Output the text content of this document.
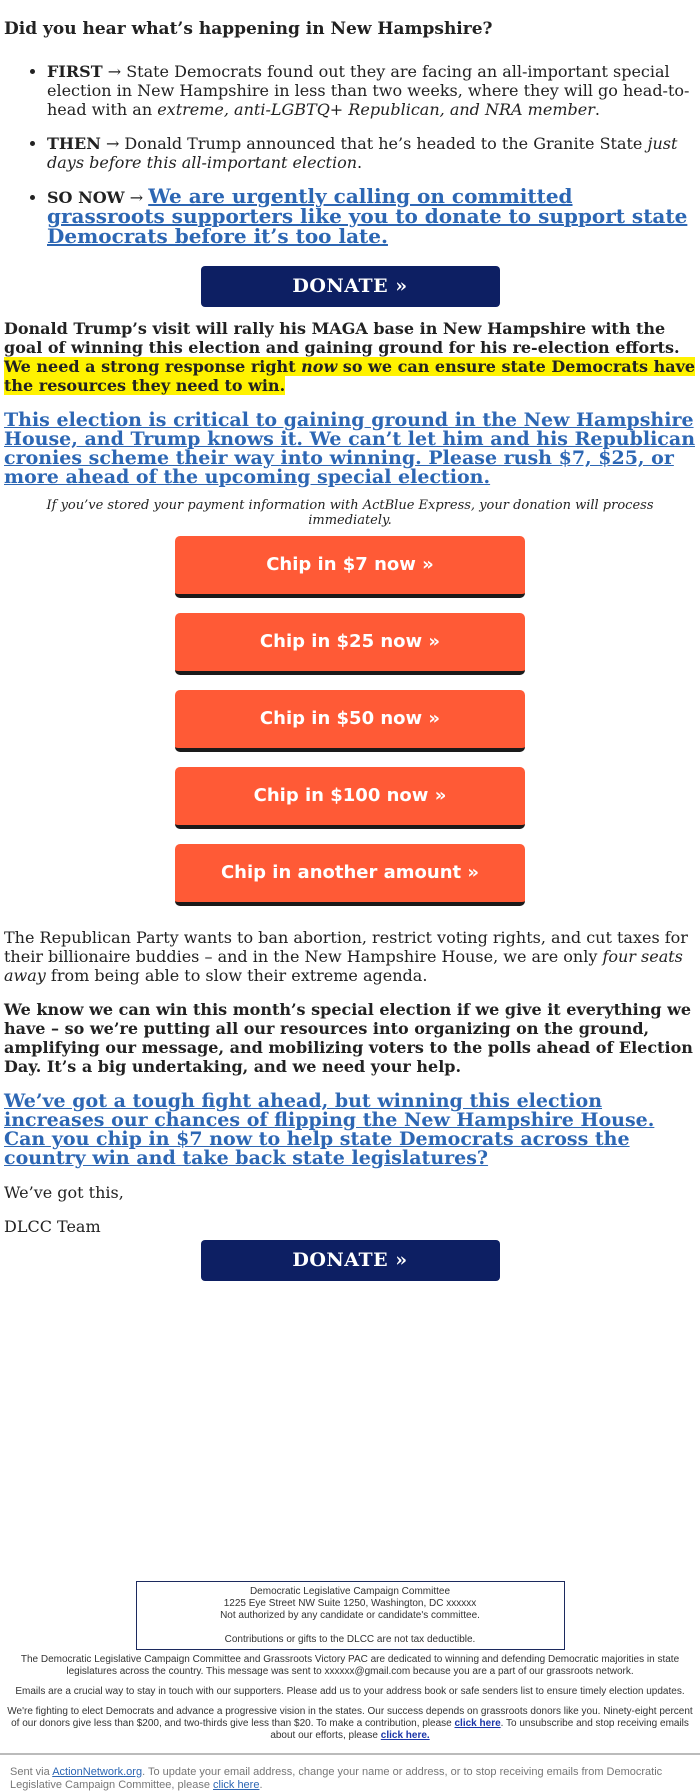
Did you hear what’s happening in New Hampshire?

• FIRST → State Democrats found out they are facing an all-important special election in New Hampshire in less than two weeks, where they will go head-to-head with an extreme, anti-LGBTQ+ Republican, and NRA member.
• THEN → Donald Trump announced that he’s headed to the Granite State just days before this all-important election.
• SO NOW → We are urgently calling on committed grassroots supporters like you to donate to support state Democrats before it’s too late.
DONATE »

Donald Trump’s visit will rally his MAGA base in New Hampshire with the goal of winning this election and gaining ground for his re-election efforts. We need a strong response right now so we can ensure state Democrats have the resources they need to win.

This election is critical to gaining ground in the New Hampshire House, and Trump knows it. We can’t let him and his Republican cronies scheme their way into winning. Please rush $7, $25, or more ahead of the upcoming special election.

If you’ve stored your payment information with ActBlue Express, your donation will process immediately.

Chip in $7 now »
Chip in $25 now »
Chip in $50 now »
Chip in $100 now »
Chip in another amount »

The Republican Party wants to ban abortion, restrict voting rights, and cut taxes for their billionaire buddies – and in the New Hampshire House, we are only four seats away from being able to slow their extreme agenda.

We know we can win this month’s special election if we give it everything we have – so we’re putting all our resources into organizing on the ground, amplifying our message, and mobilizing voters to the polls ahead of Election Day. It’s a big undertaking, and we need your help.

We’ve got a tough fight ahead, but winning this election increases our chances of flipping the New Hampshire House. Can you chip in $7 now to help state Democrats across the country win and take back state legislatures?

We’ve got this,

DLCC Team

DONATE »
Democratic Legislative Campaign Committee
1225 Eye Street NW Suite 1250, Washington, DC xxxxxx
Not authorized by any candidate or candidate's committee.
Contributions or gifts to the DLCC are not tax deductible.

The Democratic Legislative Campaign Committee and Grassroots Victory PAC are dedicated to winning and defending Democratic majorities in state legislatures across the country. This message was sent to xxxxxx@gmail.com because you are a part of our grassroots network.

Emails are a crucial way to stay in touch with our supporters. Please add us to your address book or safe senders list to ensure timely election updates.

We're fighting to elect Democrats and advance a progressive vision in the states. Our success depends on grassroots donors like you. Ninety-eight percent of our donors give less than $200, and two-thirds give less than $20. To make a contribution, please click here. To unsubscribe and stop receiving emails about our efforts, please click here.

Sent via ActionNetwork.org. To update your email address, change your name or address, or to stop receiving emails from Democratic Legislative Campaign Committee, please click here.
